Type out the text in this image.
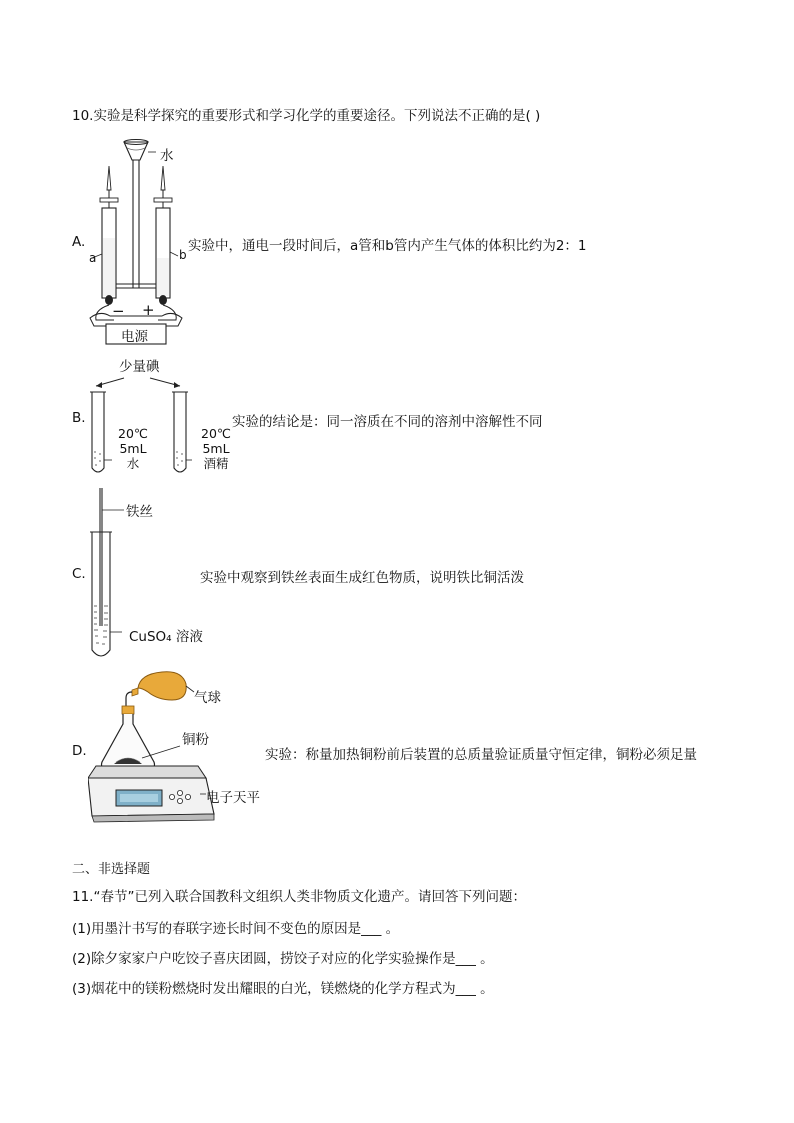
10.实验是科学探究的重要形式和学习化学的重要途径。下列说法不正确的是( )
A.
水
a	b
− +
电源
实验中，通电一段时间后，a管和b管内产生气体的体积比约为2：1
B.
少量碘
20℃
5mL
水
20℃
5mL
酒精
实验的结论是：同一溶质在不同的溶剂中溶解性不同
C.
铁丝
CuSO₄ 溶液
实验中观察到铁丝表面生成红色物质，说明铁比铜活泼
D.
气球
铜粉
电子天平
实验：称量加热铜粉前后装置的总质量验证质量守恒定律，铜粉必须足量
二、非选择题
11.“春节”已列入联合国教科文组织人类非物质文化遗产。请回答下列问题：
(1)用墨汁书写的春联字迹长时间不变色的原因是___ 。
(2)除夕家家户户吃饺子喜庆团圆，捞饺子对应的化学实验操作是___ 。
(3)烟花中的镁粉燃烧时发出耀眼的白光，镁燃烧的化学方程式为___ 。
